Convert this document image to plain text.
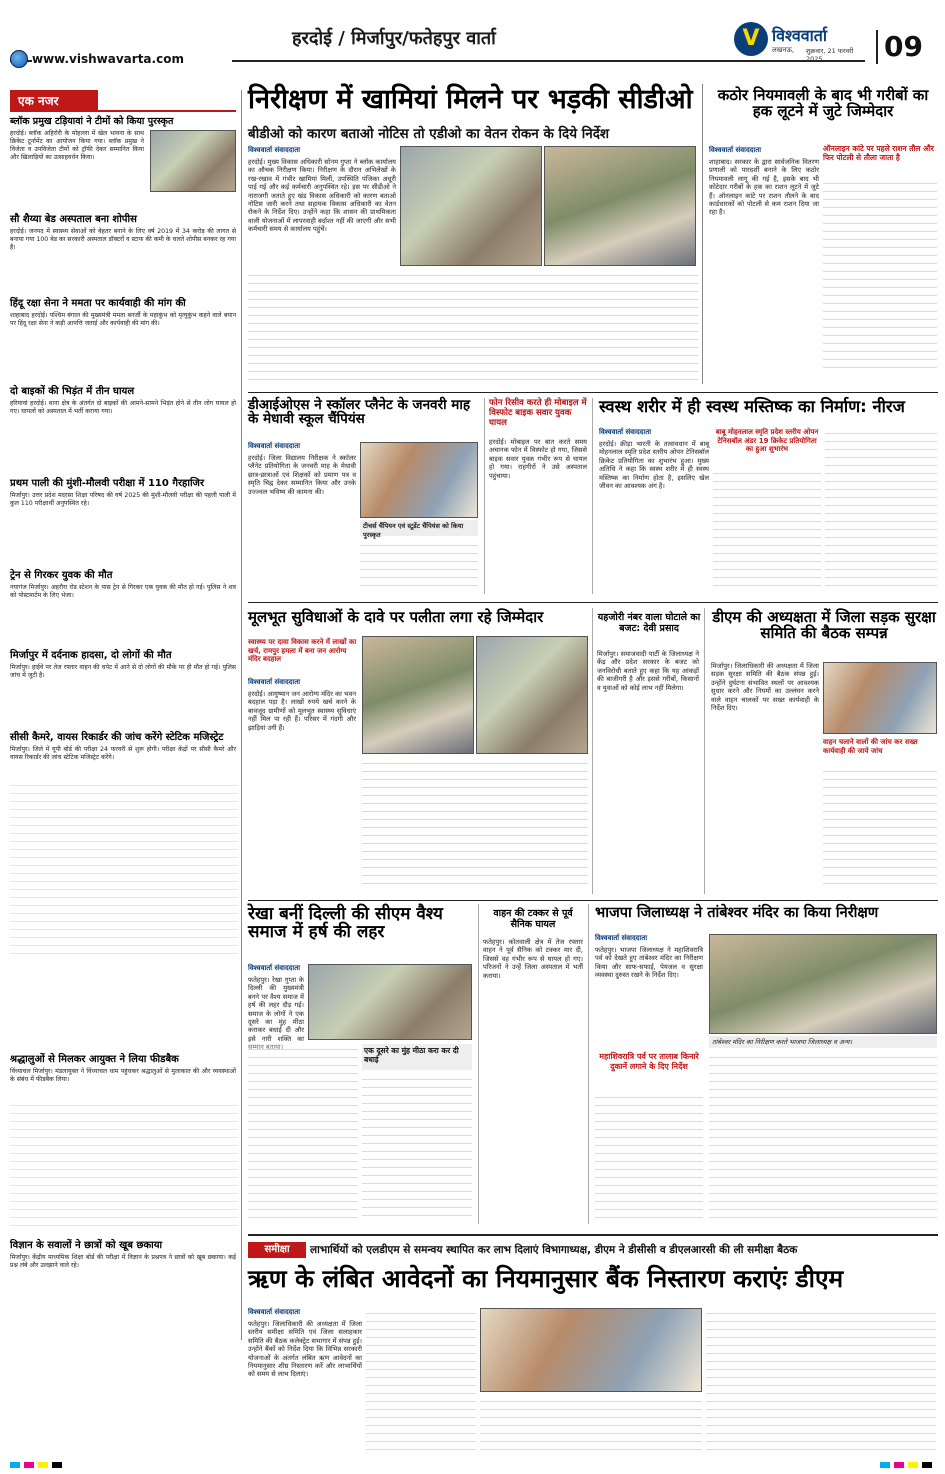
हरदोई / मिर्जापुर/फतेहपुर वार्ता
www.vishwavarta.com
V विश्ववार्ता
लखनऊ,	शुक्रवार, 21 फरवरी 2025	09
एक नजर
ब्लॉक प्रमुख टड़ियावां ने टीमों को किया पुरस्कृत
हरदोई। ब्लॉक अहिरोरी के मोहल्ला में खेल भावना के साथ क्रिकेट टूर्नामेंट का आयोजन किया गया। ब्लॉक प्रमुख ने विजेता व उपविजेता टीमों को ट्रॉफी देकर सम्मानित किया और खिलाड़ियों का उत्साहवर्धन किया।
सौ शैय्या बेड अस्पताल बना शोपीस
हरदोई। जनपद में स्वास्थ्य सेवाओं को बेहतर बनाने के लिए वर्ष 2019 में 34 करोड़ की लागत से बनाया गया 100 बेड का सरकारी अस्पताल डॉक्टरों व स्टाफ की कमी के चलते शोपीस बनकर रह गया है।
हिंदू रक्षा सेना ने ममता पर कार्यवाही की मांग की
शाहाबाद हरदोई। पश्चिम बंगाल की मुख्यमंत्री ममता बनर्जी के महाकुंभ को मृत्युकुंभ कहने वाले बयान पर हिंदू रक्षा सेना ने कड़ी आपत्ति जताई और कार्यवाही की मांग की।
दो बाइकों की भिड़ंत में तीन घायल
हरियावां हरदोई। थाना क्षेत्र के अंतर्गत दो बाइकों की आमने-सामने भिड़ंत होने से तीन लोग घायल हो गए। घायलों को अस्पताल में भर्ती कराया गया।
प्रथम पाली की मुंशी-मौलवी परीक्षा में 110 गैरहाजिर
मिर्जापुर। उत्तर प्रदेश मदरसा शिक्षा परिषद की वर्ष 2025 की मुंशी-मौलवी परीक्षा की पहली पाली में कुल 110 परीक्षार्थी अनुपस्थित रहे।
ट्रेन से गिरकर युवक की मौत
नयागंज मिर्जापुर। अहरौरा रोड स्टेशन के पास ट्रेन से गिरकर एक युवक की मौत हो गई। पुलिस ने शव को पोस्टमार्टम के लिए भेजा।
मिर्जापुर में दर्दनाक हादसा, दो लोगों की मौत
मिर्जापुर। हाईवे पर तेज रफ्तार वाहन की चपेट में आने से दो लोगों की मौके पर ही मौत हो गई। पुलिस जांच में जुटी है।
सीसी कैमरे, वायस रिकार्डर की जांच करेंगे स्टेटिक मजिस्ट्रेट
मिर्जापुर। जिले में यूपी बोर्ड की परीक्षा 24 फरवरी से शुरू होगी। परीक्षा केंद्रों पर सीसी कैमरे और वायस रिकार्डर की जांच स्टेटिक मजिस्ट्रेट करेंगे।
श्रद्धालुओं से मिलकर आयुक्त ने लिया फीडबैक
विंध्याचल मिर्जापुर। मंडलायुक्त ने विंध्याचल धाम पहुंचकर श्रद्धालुओं से मुलाकात की और व्यवस्थाओं के संबंध में फीडबैक लिया।
विज्ञान के सवालों ने छात्रों को खूब छकाया
मिर्जापुर। केंद्रीय माध्यमिक शिक्षा बोर्ड की परीक्षा में विज्ञान के प्रश्नपत्र ने छात्रों को खूब छकाया। कई प्रश्न लंबे और उलझाने वाले रहे।
निरीक्षण में खामियां मिलने पर भड़की सीडीओ
बीडीओ को कारण बताओ नोटिस तो एडीओ का वेतन रोकन के दिये निर्देश
विश्ववार्ता संवाददाता
हरदोई। मुख्य विकास अधिकारी सोनम गुप्ता ने ब्लॉक कार्यालय का औचक निरीक्षण किया। निरीक्षण के दौरान अभिलेखों के रख-रखाव में गंभीर खामियां मिलीं, उपस्थिति पंजिका अधूरी पाई गई और कई कर्मचारी अनुपस्थित रहे। इस पर सीडीओ ने नाराजगी जताते हुए खंड विकास अधिकारी को कारण बताओ नोटिस जारी करने तथा सहायक विकास अधिकारी का वेतन रोकने के निर्देश दिए। उन्होंने कहा कि शासन की प्राथमिकता वाली योजनाओं में लापरवाही बर्दाश्त नहीं की जाएगी और सभी कर्मचारी समय से कार्यालय पहुंचें।
कठोर नियमावली के बाद भी गरीबों का हक लूटने में जुटे जिम्मेदार
विश्ववार्ता संवाददाता	ऑनलाइन कांटे पर पहले राशन तौल और फिर पोटली से तौला जाता है
शाहाबाद। सरकार के द्वारा सार्वजनिक वितरण प्रणाली को पारदर्शी बनाने के लिए कठोर नियमावली लागू की गई है, इसके बाद भी कोटेदार गरीबों के हक का राशन लूटने में जुटे हैं। ऑनलाइन कांटे पर राशन तौलने के बाद कार्डधारकों को पोटली से कम राशन दिया जा रहा है।
डीआईओएस ने स्कॉलर प्लैनेट के जनवरी माह के मेधावी स्कूल चैंपियंस
विश्ववार्ता संवाददाता
हरदोई। जिला विद्यालय निरीक्षक ने स्कॉलर प्लैनेट प्रतियोगिता के जनवरी माह के मेधावी छात्र-छात्राओं एवं शिक्षकों को प्रमाण पत्र व स्मृति चिह्न देकर सम्मानित किया और उनके उज्ज्वल भविष्य की कामना की।
टीचर्स चैंपियन एवं स्टूडेंट चैंपियंस को किया पुरस्कृत
फोन रिसीव करते ही मोबाइल में विस्फोट बाइक सवार युवक घायल
हरदोई। मोबाइल पर बात करते समय अचानक फोन में विस्फोट हो गया, जिससे बाइक सवार युवक गंभीर रूप से घायल हो गया। राहगीरों ने उसे अस्पताल पहुंचाया।
स्वस्थ शरीर में ही स्वस्थ मस्तिष्क का निर्माण: नीरज
विश्ववार्ता संवाददाता	बाबू मोहनलाल स्मृति प्रदेश स्तरीय ओपन टेनिसबॉल अंडर 19 क्रिकेट प्रतियोगिता का हुआ शुभारंभ
हरदोई। क्रीड़ा भारती के तत्वावधान में बाबू मोहनलाल स्मृति प्रदेश स्तरीय ओपन टेनिसबॉल क्रिकेट प्रतियोगिता का शुभारंभ हुआ। मुख्य अतिथि ने कहा कि स्वस्थ शरीर में ही स्वस्थ मस्तिष्क का निर्माण होता है, इसलिए खेल जीवन का आवश्यक अंग है।
मूलभूत सुविधाओं के दावे पर पलीता लगा रहे जिम्मेदार
स्वास्थ्य पर दावा विकास करने में लाखों का खर्च, रामपुर हमला में बना जन आरोग्य मंदिर बदहाल
विश्ववार्ता संवाददाता
हरदोई। आयुष्मान जन आरोग्य मंदिर का भवन बदहाल पड़ा है। लाखों रुपये खर्च करने के बावजूद ग्रामीणों को मूलभूत स्वास्थ्य सुविधाएं नहीं मिल पा रही हैं। परिसर में गंदगी और झाड़ियां उगी हैं।
यहजोरी नंबर वाला घोटाले का बजट: देवी प्रसाद
मिर्जापुर। समाजवादी पार्टी के जिलाध्यक्ष ने केंद्र और प्रदेश सरकार के बजट को जनविरोधी बताते हुए कहा कि यह आंकड़ों की बाजीगरी है और इससे गरीबों, किसानों व युवाओं को कोई लाभ नहीं मिलेगा।
डीएम की अध्यक्षता में जिला सड़क सुरक्षा समिति की बैठक सम्पन्न
मिर्जापुर। जिलाधिकारी की अध्यक्षता में जिला सड़क सुरक्षा समिति की बैठक संपन्न हुई। उन्होंने दुर्घटना संभावित स्थलों पर आवश्यक सुधार करने और नियमों का उल्लंघन करने वाले वाहन चालकों पर सख्त कार्यवाही के निर्देश दिए।
वाहन चलाने वालों की जांच कर सख्त कार्यवाही की जाये जांच
रेखा बनीं दिल्ली की सीएम वैश्य समाज में हर्ष की लहर
विश्ववार्ता संवाददाता
फतेहपुर। रेखा गुप्ता के दिल्ली की मुख्यमंत्री बनने पर वैश्य समाज में हर्ष की लहर दौड़ गई। समाज के लोगों ने एक दूसरे का मुंह मीठा कराकर बधाई दी और इसे नारी शक्ति का सम्मान बताया।	एक दूसरे का मुंह मीठा करा कर दी बधाई
वाहन की टक्कर से पूर्व सैनिक घायल
फतेहपुर। कोतवाली क्षेत्र में तेज रफ्तार वाहन ने पूर्व सैनिक को टक्कर मार दी, जिससे वह गंभीर रूप से घायल हो गए। परिजनों ने उन्हें जिला अस्पताल में भर्ती कराया।
भाजपा जिलाध्यक्ष ने तांबेश्वर मंदिर का किया निरीक्षण
विश्ववार्ता संवाददाता
फतेहपुर। भाजपा जिलाध्यक्ष ने महाशिवरात्रि पर्व को देखते हुए तांबेश्वर मंदिर का निरीक्षण किया और साफ-सफाई, पेयजल व सुरक्षा व्यवस्था दुरुस्त रखने के निर्देश दिए।
तांबेश्वर मंदिर का निरीक्षण करते भाजपा जिलाध्यक्ष व अन्य।
महाशिवरात्रि पर्व पर तालाब किनारे दुकानें लगाने के दिए निर्देश
समीक्षा	लाभार्थियों को एलडीएम से समन्वय स्थापित कर लाभ दिलाएं विभागाध्यक्ष, डीएम ने डीसीसी व डीएलआरसी की ली समीक्षा बैठक
ऋण के लंबित आवेदनों का नियमानुसार बैंक निस्तारण कराएंः डीएम
विश्ववार्ता संवाददाता
फतेहपुर। जिलाधिकारी की अध्यक्षता में जिला स्तरीय समीक्षा समिति एवं जिला सलाहकार समिति की बैठक कलेक्ट्रेट सभागार में संपन्न हुई। उन्होंने बैंकों को निर्देश दिया कि विभिन्न सरकारी योजनाओं के अंतर्गत लंबित ऋण आवेदनों का नियमानुसार शीघ्र निस्तारण करें और लाभार्थियों को समय से लाभ दिलाएं।
